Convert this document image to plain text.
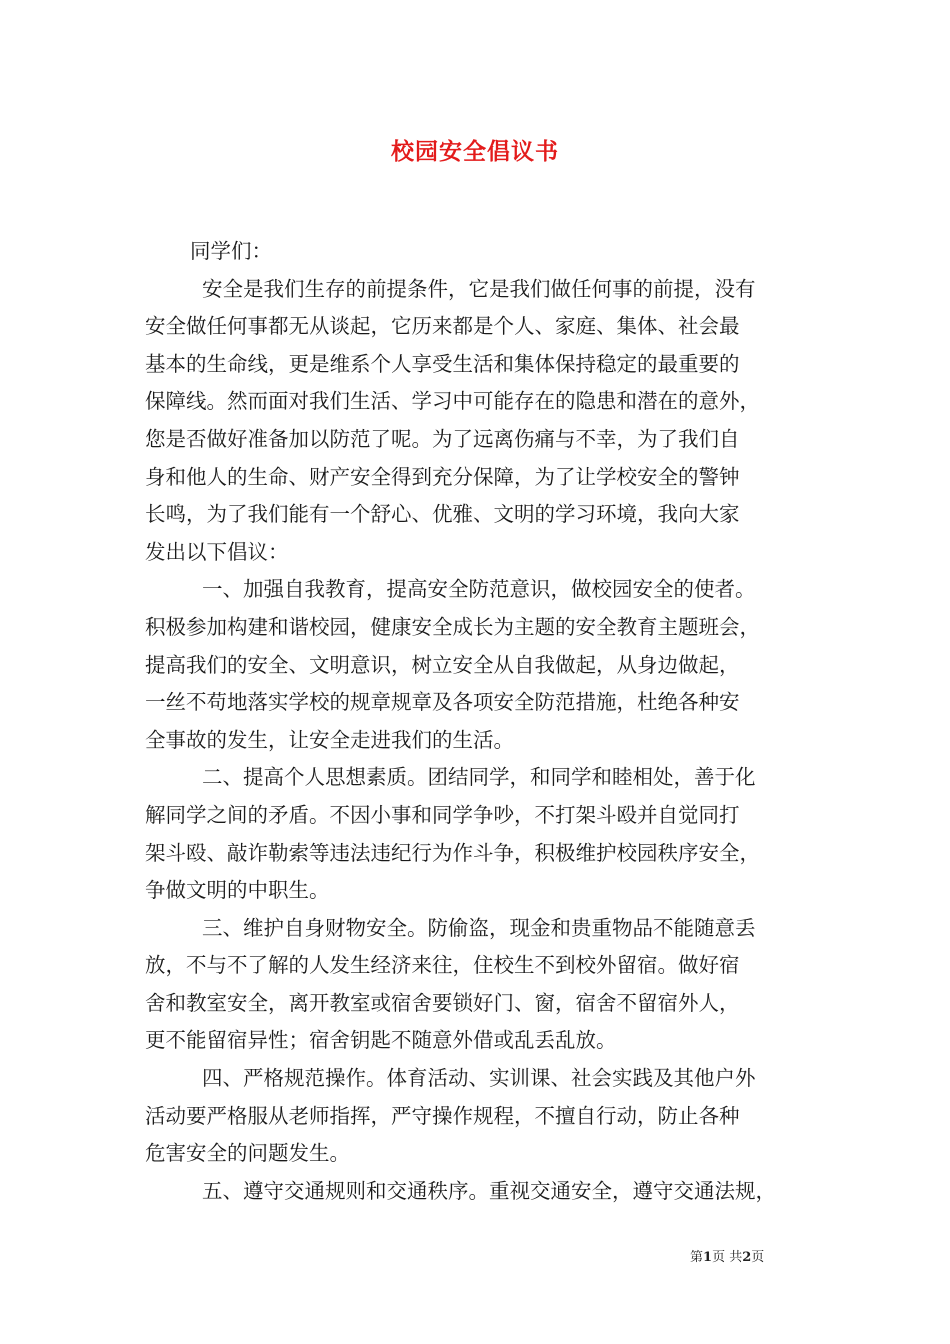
校园安全倡议书

同学们：

安全是我们生存的前提条件，它是我们做任何事的前提，没有
安全做任何事都无从谈起，它历来都是个人、家庭、集体、社会最
基本的生命线，更是维系个人享受生活和集体保持稳定的最重要的
保障线。然而面对我们生活、学习中可能存在的隐患和潜在的意外，
您是否做好准备加以防范了呢。为了远离伤痛与不幸，为了我们自
身和他人的生命、财产安全得到充分保障，为了让学校安全的警钟
长鸣，为了我们能有一个舒心、优雅、文明的学习环境，我向大家
发出以下倡议：

一、加强自我教育，提高安全防范意识，做校园安全的使者。
积极参加构建和谐校园，健康安全成长为主题的安全教育主题班会，
提高我们的安全、文明意识，树立安全从自我做起，从身边做起，
一丝不苟地落实学校的规章规章及各项安全防范措施，杜绝各种安
全事故的发生，让安全走进我们的生活。

二、提高个人思想素质。团结同学，和同学和睦相处，善于化
解同学之间的矛盾。不因小事和同学争吵，不打架斗殴并自觉同打
架斗殴、敲诈勒索等违法违纪行为作斗争，积极维护校园秩序安全，
争做文明的中职生。

三、维护自身财物安全。防偷盗，现金和贵重物品不能随意丢
放，不与不了解的人发生经济来往，住校生不到校外留宿。做好宿
舍和教室安全，离开教室或宿舍要锁好门、窗，宿舍不留宿外人，
更不能留宿异性；宿舍钥匙不随意外借或乱丢乱放。

四、严格规范操作。体育活动、实训课、社会实践及其他户外
活动要严格服从老师指挥，严守操作规程，不擅自行动，防止各种
危害安全的问题发生。

五、遵守交通规则和交通秩序。重视交通安全，遵守交通法规，

第1页 共2页
